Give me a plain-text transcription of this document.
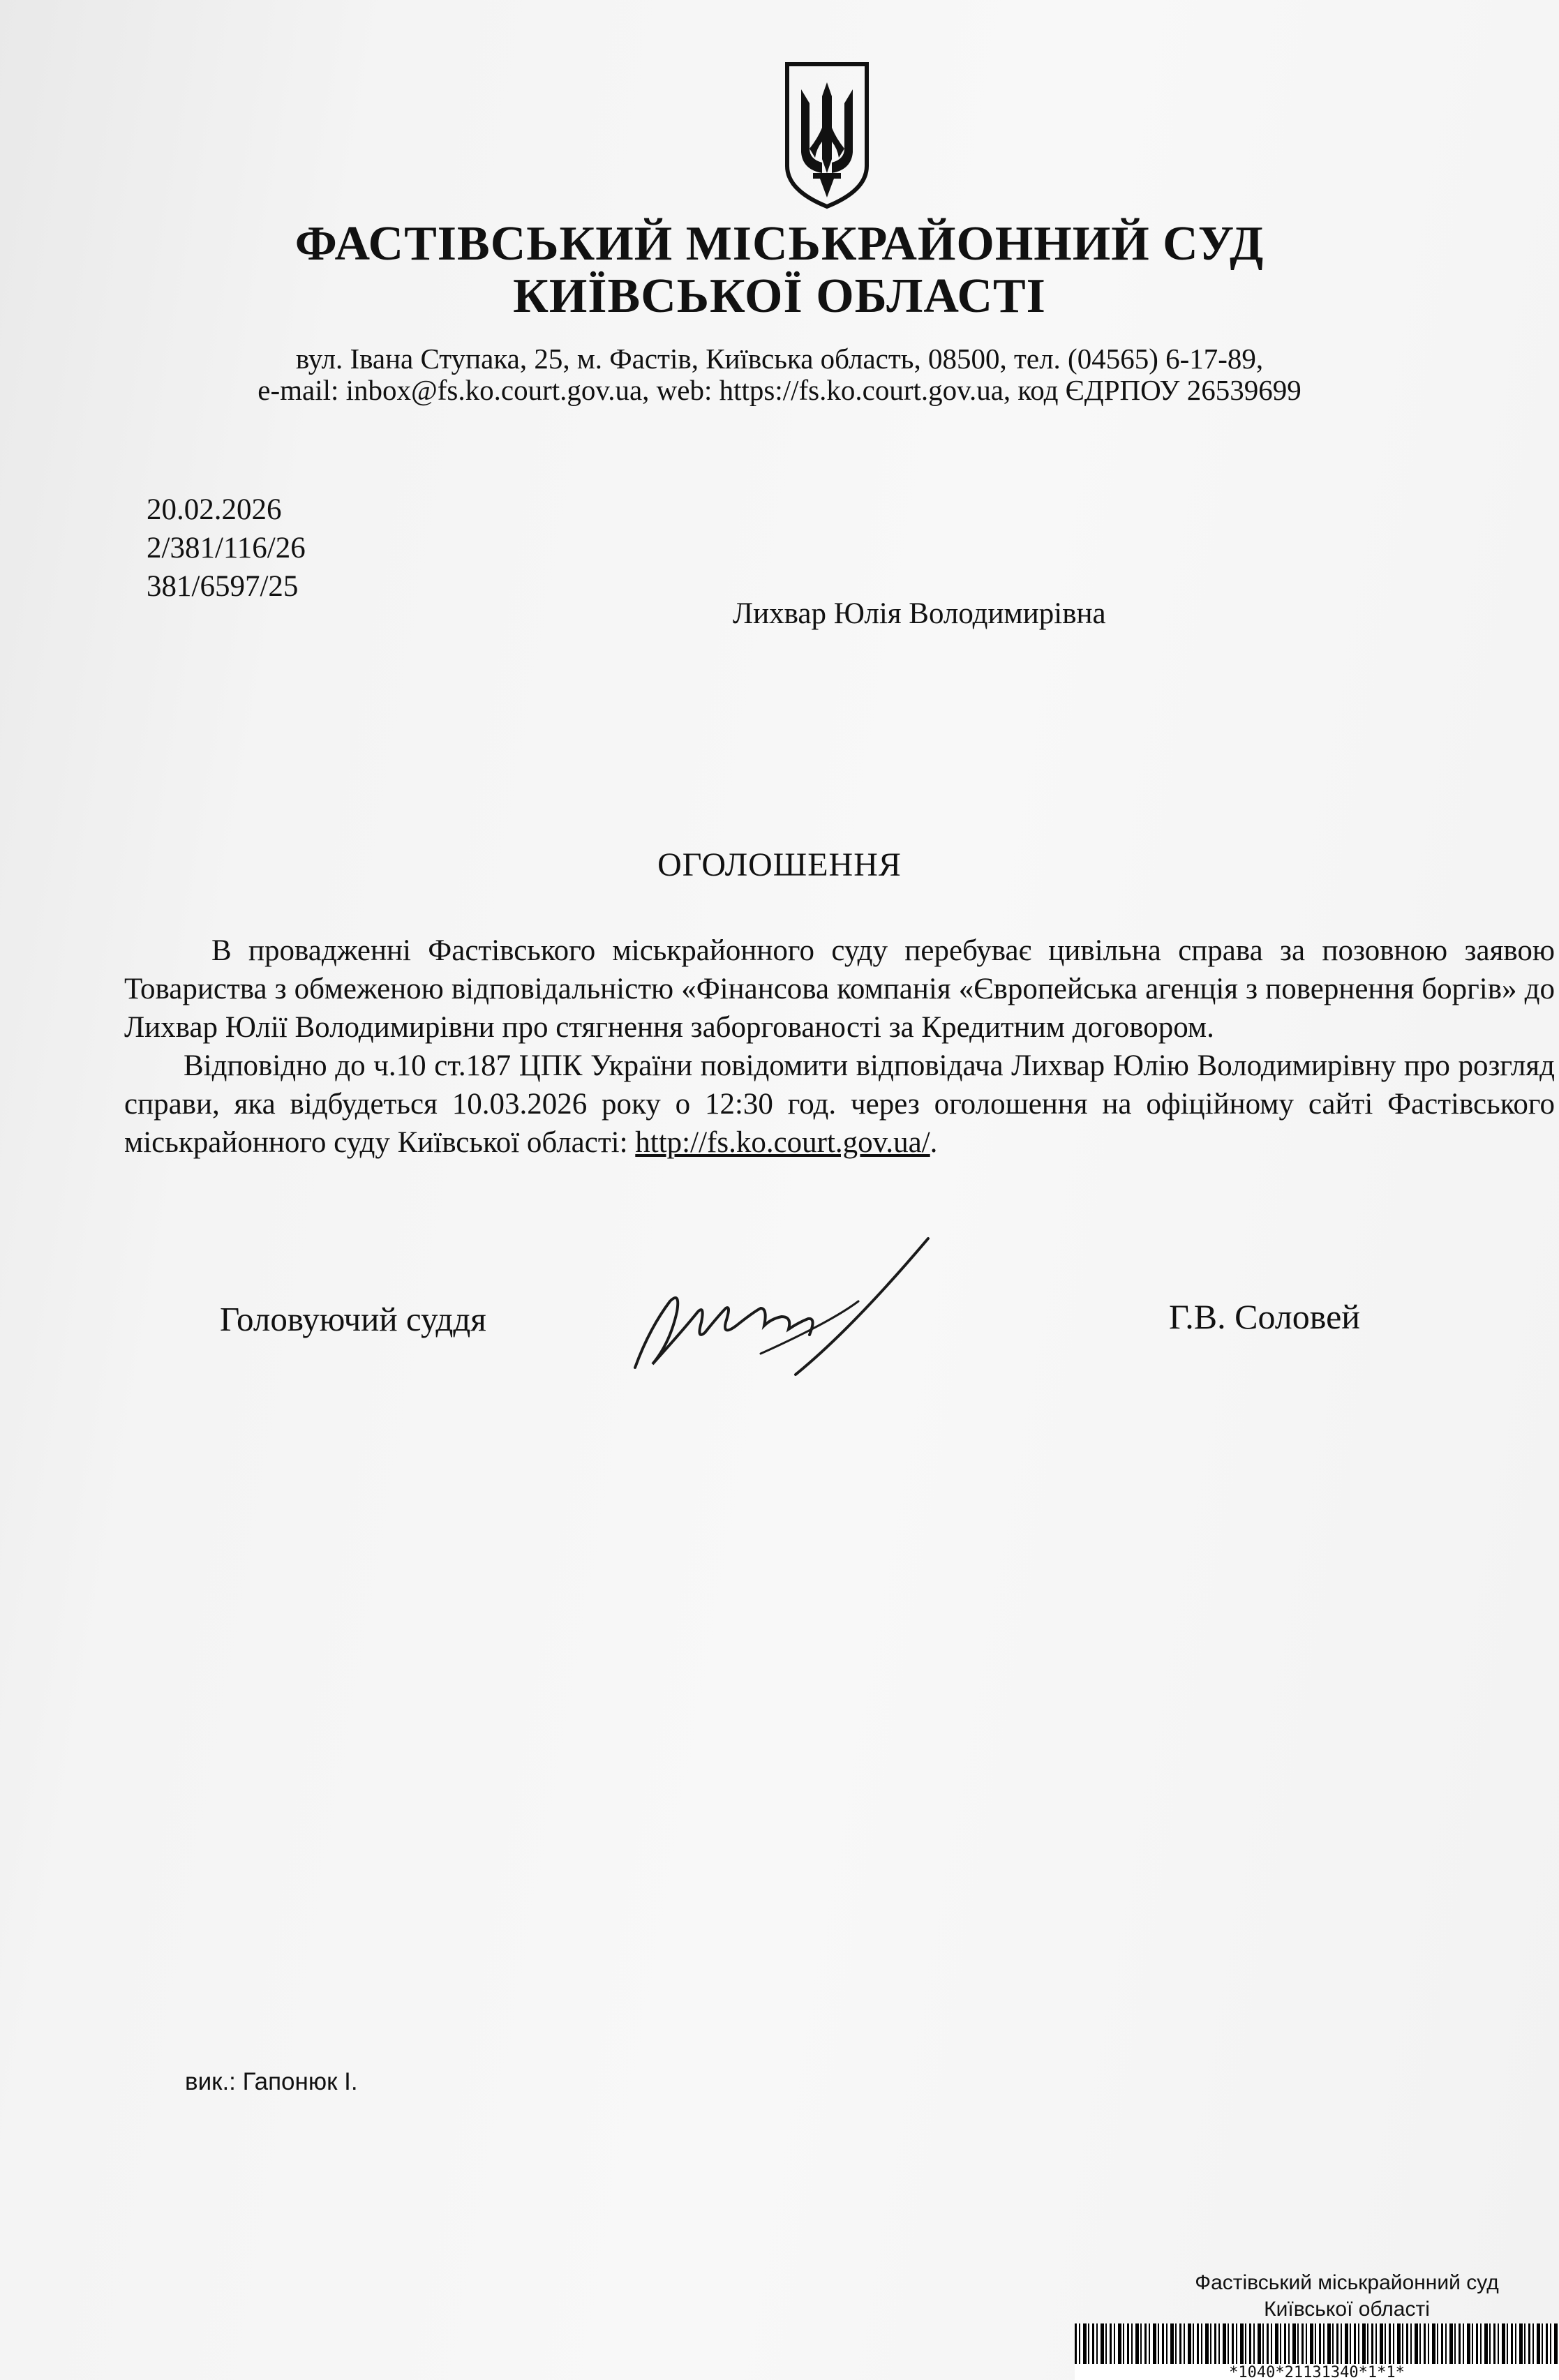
ФАСТІВСЬКИЙ МІСЬКРАЙОННИЙ СУД
КИЇВСЬКОЇ ОБЛАСТІ
вул. Івана Ступака, 25, м. Фастів, Київська область, 08500, тел. (04565) 6-17-89,
e-mail: inbox@fs.ko.court.gov.ua, web: https://fs.ko.court.gov.ua, код ЄДРПОУ 26539699
20.02.2026
2/381/116/26
381/6597/25
Лихвар Юлія Володимирівна
ОГОЛОШЕННЯ

В провадженні Фастівського міськрайонного суду перебуває цивільна справа за позовною заявою Товариства з обмеженою відповідальністю «Фінансова компанія «Європейська агенція з повернення боргів» до Лихвар Юлії Володимирівни про стягнення заборгованості за Кредитним договором.

Відповідно до ч.10 ст.187 ЦПК України повідомити відповідача Лихвар Юлію Володимирівну про розгляд справи, яка відбудеться 10.03.2026 року о 12:30 год. через оголошення на офіційному сайті Фастівського міськрайонного суду Київської області: http://fs.ko.court.gov.ua/.

Головуючий суддя	Г.В. Соловей
вик.: Гапонюк І.
Фастівський міськрайонний суд
Київської області
*1040*21131340*1*1*
